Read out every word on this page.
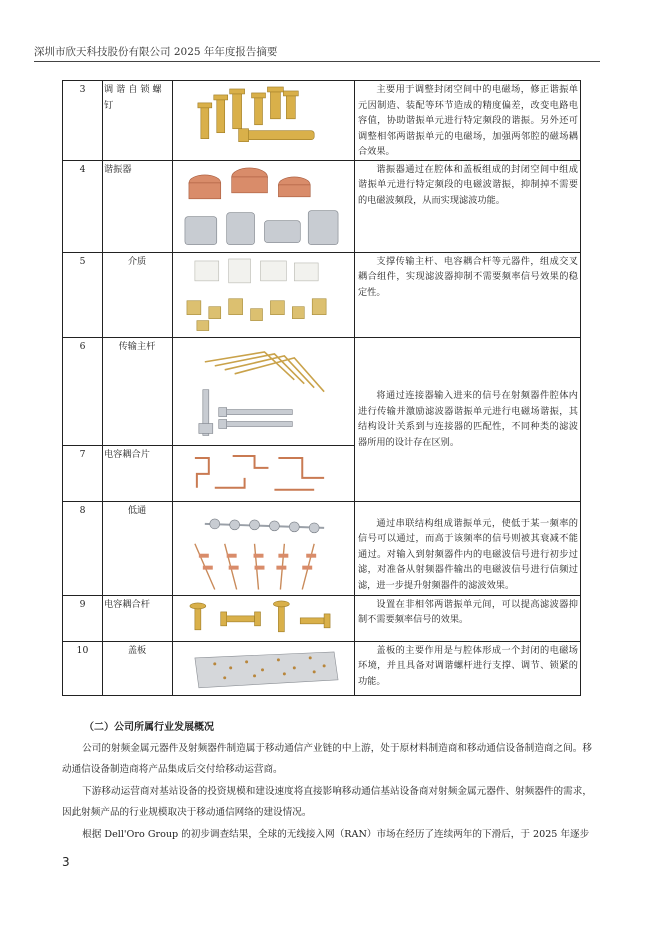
深圳市欣天科技股份有限公司 2025 年年度报告摘要
3	调 谐 自 锁 螺钉		主要用于调整封闭空间中的电磁场，修正谐振单元因制造、装配等环节造成的精度偏差，改变电路电容值，协助谐振单元进行特定频段的谐振。另外还可调整相邻两谐振单元的电磁场，加强两邻腔的磁场耦合效果。
4	谐振器		谐振器通过在腔体和盖板组成的封闭空间中组成谐振单元进行特定频段的电磁波谐振，抑制掉不需要的电磁波频段，从而实现滤波功能。
5	介质		支撑传输主杆、电容耦合杆等元器件，组成交叉耦合组件，实现滤波器抑制不需要频率信号效果的稳定性。
6	传输主杆		将通过连接器输入进来的信号在射频器件腔体内进行传输并激励滤波器谐振单元进行电磁场谐振，其结构设计关系到与连接器的匹配性，不同种类的滤波器所用的设计存在区别。
7	电容耦合片	

8	低通		通过串联结构组成谐振单元，使低于某一频率的信号可以通过，而高于该频率的信号则被其衰减不能通过。对输入到射频器件内的电磁波信号进行初步过滤，对准备从射频器件输出的电磁波信号进行信频过滤，进一步提升射频器件的滤波效果。
9	电容耦合杆		设置在非相邻两谐振单元间，可以提高滤波器抑制不需要频率信号的效果。
10	盖板		盖板的主要作用是与腔体形成一个封闭的电磁场环境，并且具备对调谐螺杆进行支撑、调节、锁紧的功能。
（二）公司所属行业发展概况
公司的射频金属元器件及射频器件制造属于移动通信产业链的中上游，处于原材料制造商和移动通信设备制造商之间。移动通信设备制造商将产品集成后交付给移动运营商。
下游移动运营商对基站设备的投资规模和建设速度将直接影响移动通信基站设备商对射频金属元器件、射频器件的需求，因此射频产品的行业规模取决于移动通信网络的建设情况。
根据 Dell'Oro Group 的初步调查结果，全球的无线接入网（RAN）市场在经历了连续两年的下滑后，于 2025 年逐步
3
